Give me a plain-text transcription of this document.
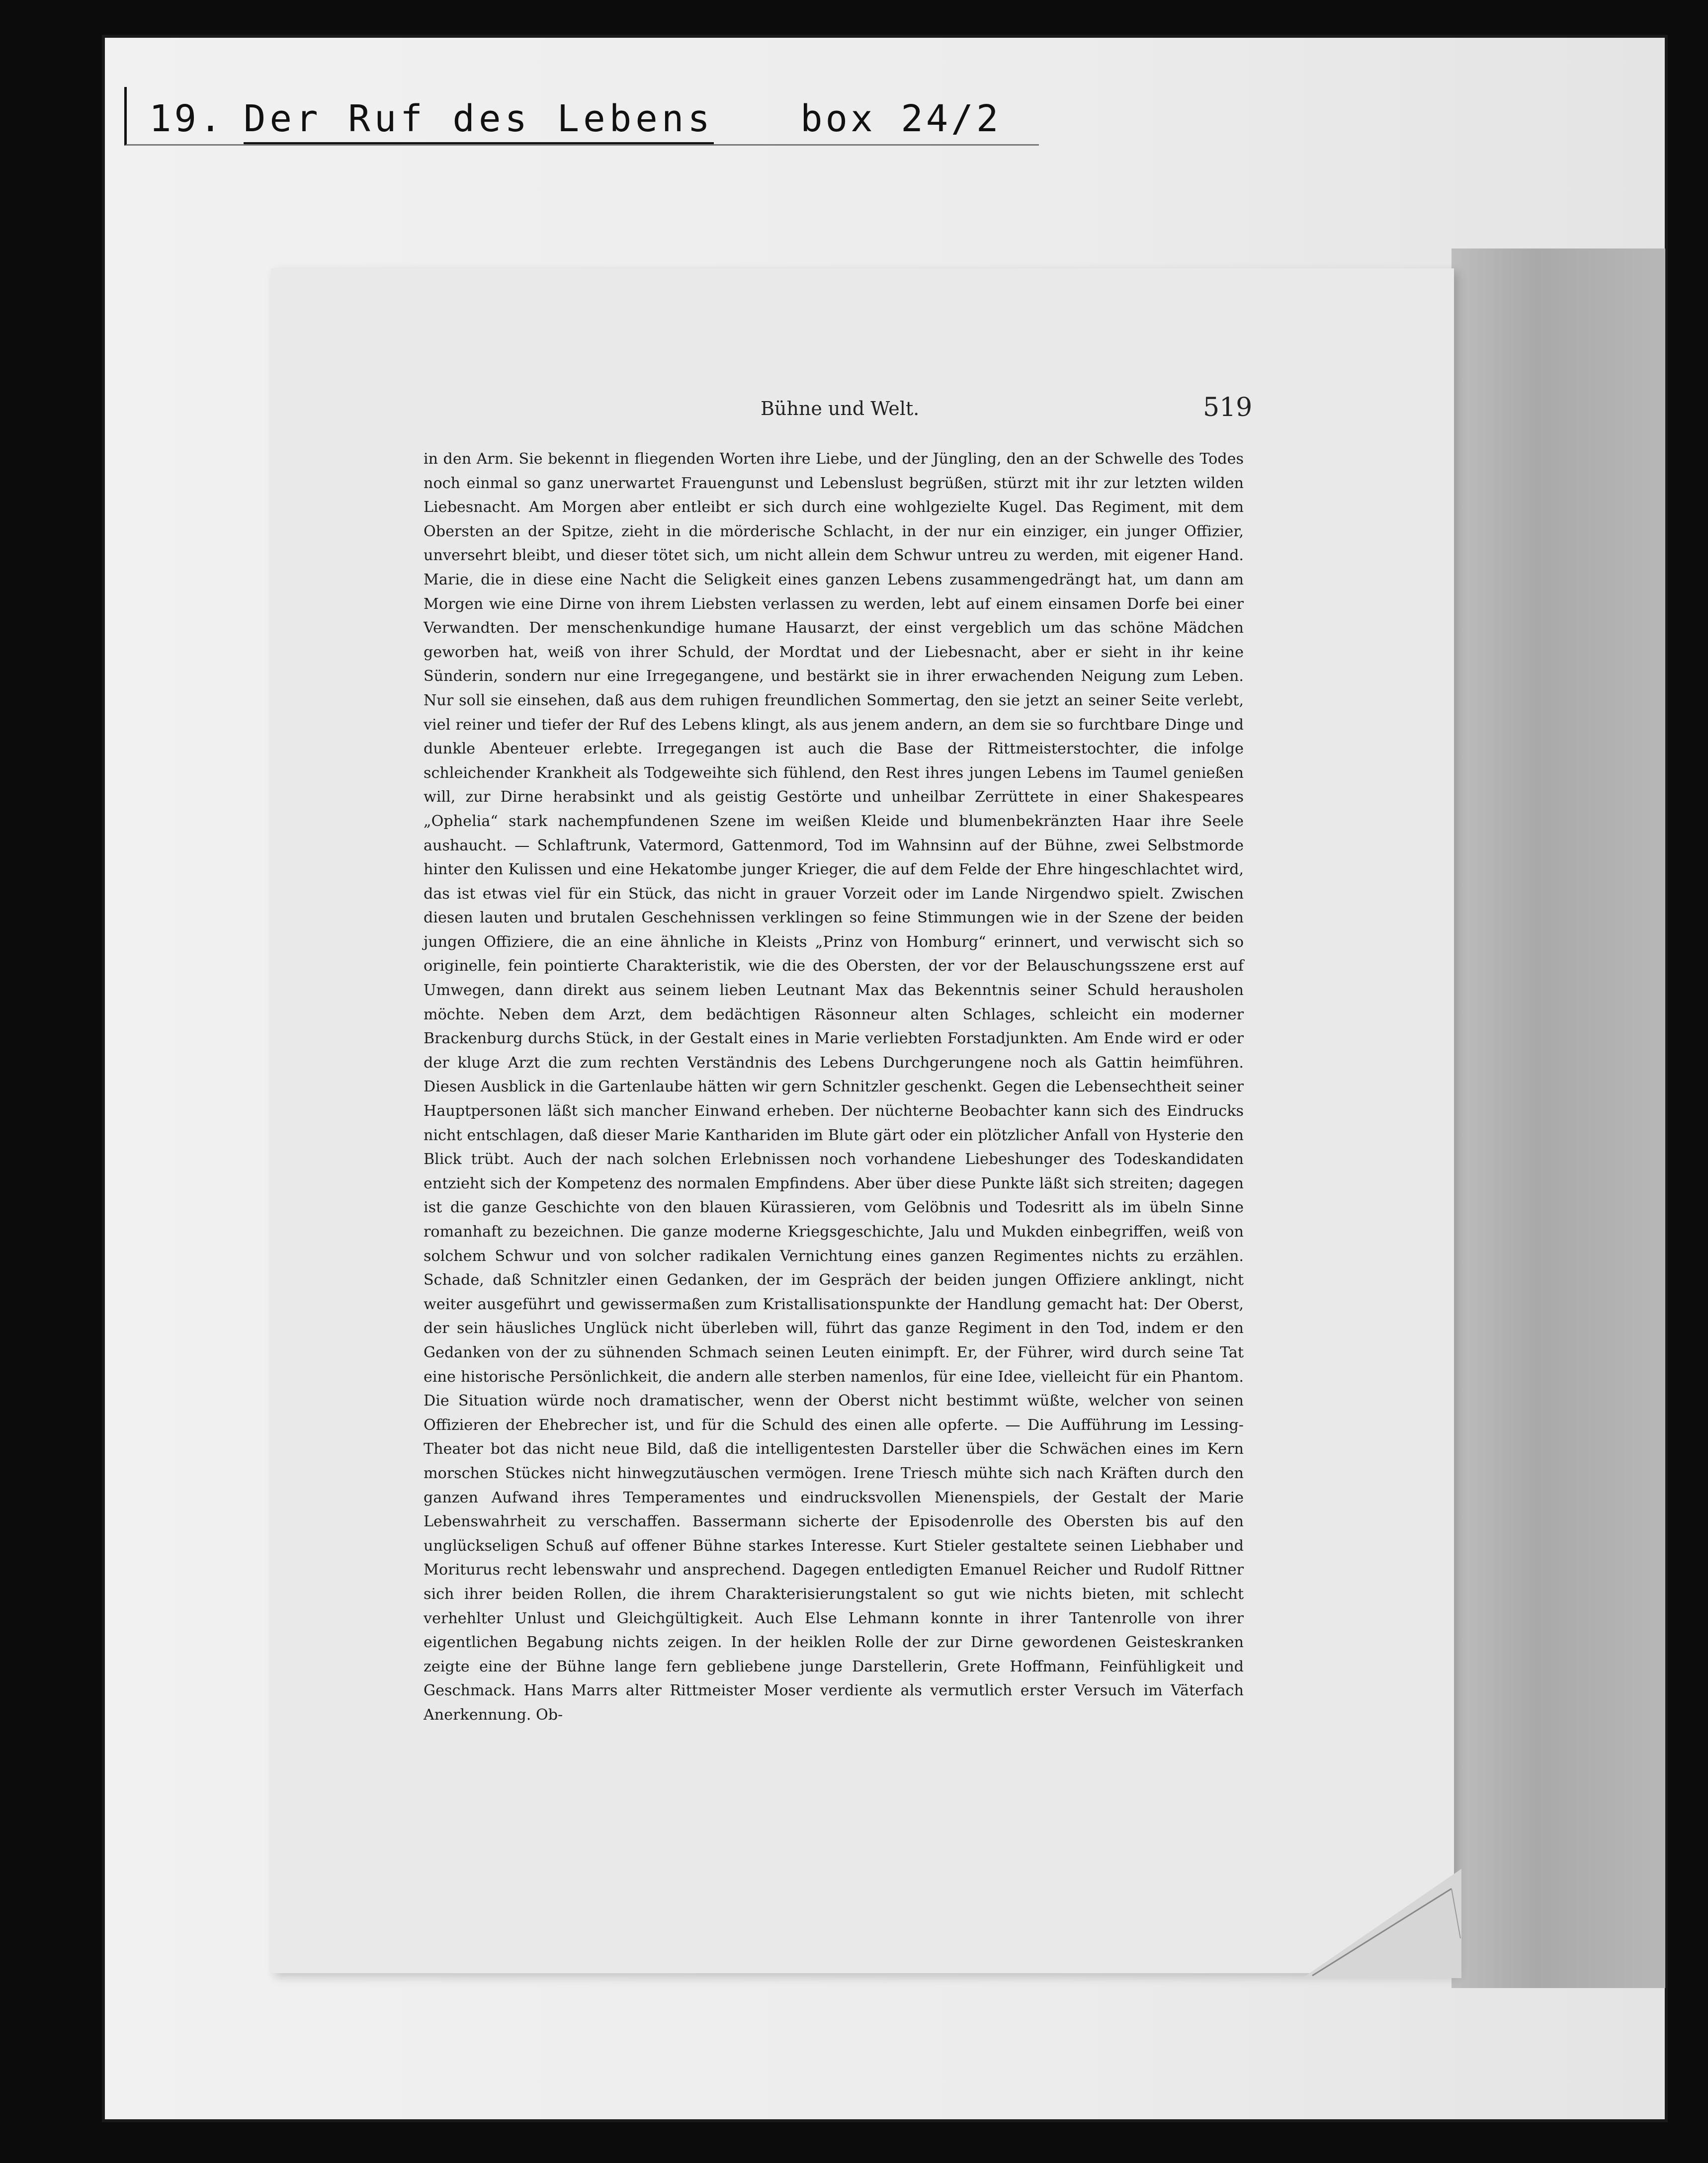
19. Der Ruf des Lebens box 24/2
Bühne und Welt.	519

in den Arm. Sie bekennt in fliegenden Worten ihre Liebe, und der Jüngling, den an der Schwelle des Todes noch einmal so ganz unerwartet Frauengunst und Lebenslust begrüßen, stürzt mit ihr zur letzten wilden Liebesnacht. Am Morgen aber entleibt er sich durch eine wohlgezielte Kugel. Das Regiment, mit dem Obersten an der Spitze, zieht in die mörderische Schlacht, in der nur ein einziger, ein junger Offizier, unversehrt bleibt, und dieser tötet sich, um nicht allein dem Schwur untreu zu werden, mit eigener Hand. Marie, die in diese eine Nacht die Seligkeit eines ganzen Lebens zusammengedrängt hat, um dann am Morgen wie eine Dirne von ihrem Liebsten verlassen zu werden, lebt auf einem einsamen Dorfe bei einer Verwandten. Der menschenkundige humane Hausarzt, der einst vergeblich um das schöne Mädchen geworben hat, weiß von ihrer Schuld, der Mordtat und der Liebesnacht, aber er sieht in ihr keine Sünderin, sondern nur eine Irregegangene, und bestärkt sie in ihrer erwachenden Neigung zum Leben. Nur soll sie einsehen, daß aus dem ruhigen freundlichen Sommertag, den sie jetzt an seiner Seite verlebt, viel reiner und tiefer der Ruf des Lebens klingt, als aus jenem andern, an dem sie so furchtbare Dinge und dunkle Abenteuer erlebte. Irregegangen ist auch die Base der Rittmeisterstochter, die infolge schleichender Krankheit als Todgeweihte sich fühlend, den Rest ihres jungen Lebens im Taumel genießen will, zur Dirne herabsinkt und als geistig Gestörte und unheilbar Zerrüttete in einer Shakespeares „Ophelia“ stark nachempfundenen Szene im weißen Kleide und blumenbekränzten Haar ihre Seele aushaucht. — Schlaftrunk, Vatermord, Gattenmord, Tod im Wahnsinn auf der Bühne, zwei Selbstmorde hinter den Kulissen und eine Hekatombe junger Krieger, die auf dem Felde der Ehre hingeschlachtet wird, das ist etwas viel für ein Stück, das nicht in grauer Vorzeit oder im Lande Nirgendwo spielt. Zwischen diesen lauten und brutalen Geschehnissen verklingen so feine Stimmungen wie in der Szene der beiden jungen Offiziere, die an eine ähnliche in Kleists „Prinz von Homburg“ erinnert, und verwischt sich so originelle, fein pointierte Charakteristik, wie die des Obersten, der vor der Belauschungsszene erst auf Umwegen, dann direkt aus seinem lieben Leutnant Max das Bekenntnis seiner Schuld herausholen möchte. Neben dem Arzt, dem bedächtigen Räsonneur alten Schlages, schleicht ein moderner Brackenburg durchs Stück, in der Gestalt eines in Marie verliebten Forstadjunkten. Am Ende wird er oder der kluge Arzt die zum rechten Verständnis des Lebens Durchgerungene noch als Gattin heimführen. Diesen Ausblick in die Gartenlaube hätten wir gern Schnitzler geschenkt. Gegen die Lebensechtheit seiner Hauptpersonen läßt sich mancher Einwand erheben. Der nüchterne Beobachter kann sich des Eindrucks nicht entschlagen, daß dieser Marie Kanthariden im Blute gärt oder ein plötzlicher Anfall von Hysterie den Blick trübt. Auch der nach solchen Erlebnissen noch vorhandene Liebeshunger des Todeskandidaten entzieht sich der Kompetenz des normalen Empfindens. Aber über diese Punkte läßt sich streiten; dagegen ist die ganze Geschichte von den blauen Kürassieren, vom Gelöbnis und Todesritt als im übeln Sinne romanhaft zu bezeichnen. Die ganze moderne Kriegsgeschichte, Jalu und Mukden einbegriffen, weiß von solchem Schwur und von solcher radikalen Vernichtung eines ganzen Regimentes nichts zu erzählen. Schade, daß Schnitzler einen Gedanken, der im Gespräch der beiden jungen Offiziere anklingt, nicht weiter ausgeführt und gewissermaßen zum Kristallisationspunkte der Handlung gemacht hat: Der Oberst, der sein häusliches Unglück nicht überleben will, führt das ganze Regiment in den Tod, indem er den Gedanken von der zu sühnenden Schmach seinen Leuten einimpft. Er, der Führer, wird durch seine Tat eine historische Persönlichkeit, die andern alle sterben namenlos, für eine Idee, vielleicht für ein Phantom. Die Situation würde noch dramatischer, wenn der Oberst nicht bestimmt wüßte, welcher von seinen Offizieren der Ehebrecher ist, und für die Schuld des einen alle opferte. — Die Aufführung im Lessing-Theater bot das nicht neue Bild, daß die intelligentesten Darsteller über die Schwächen eines im Kern morschen Stückes nicht hinwegzutäuschen vermögen. Irene Triesch mühte sich nach Kräften durch den ganzen Aufwand ihres Temperamentes und eindrucksvollen Mienenspiels, der Gestalt der Marie Lebenswahrheit zu verschaffen. Bassermann sicherte der Episodenrolle des Obersten bis auf den unglückseligen Schuß auf offener Bühne starkes Interesse. Kurt Stieler gestaltete seinen Liebhaber und Moriturus recht lebenswahr und ansprechend. Dagegen entledigten Emanuel Reicher und Rudolf Rittner sich ihrer beiden Rollen, die ihrem Charakterisierungstalent so gut wie nichts bieten, mit schlecht verhehlter Unlust und Gleichgültigkeit. Auch Else Lehmann konnte in ihrer Tantenrolle von ihrer eigentlichen Begabung nichts zeigen. In der heiklen Rolle der zur Dirne gewordenen Geisteskranken zeigte eine der Bühne lange fern gebliebene junge Darstellerin, Grete Hoffmann, Feinfühligkeit und Geschmack. Hans Marrs alter Rittmeister Moser verdiente als vermutlich erster Versuch im Väterfach Anerkennung. Ob-
